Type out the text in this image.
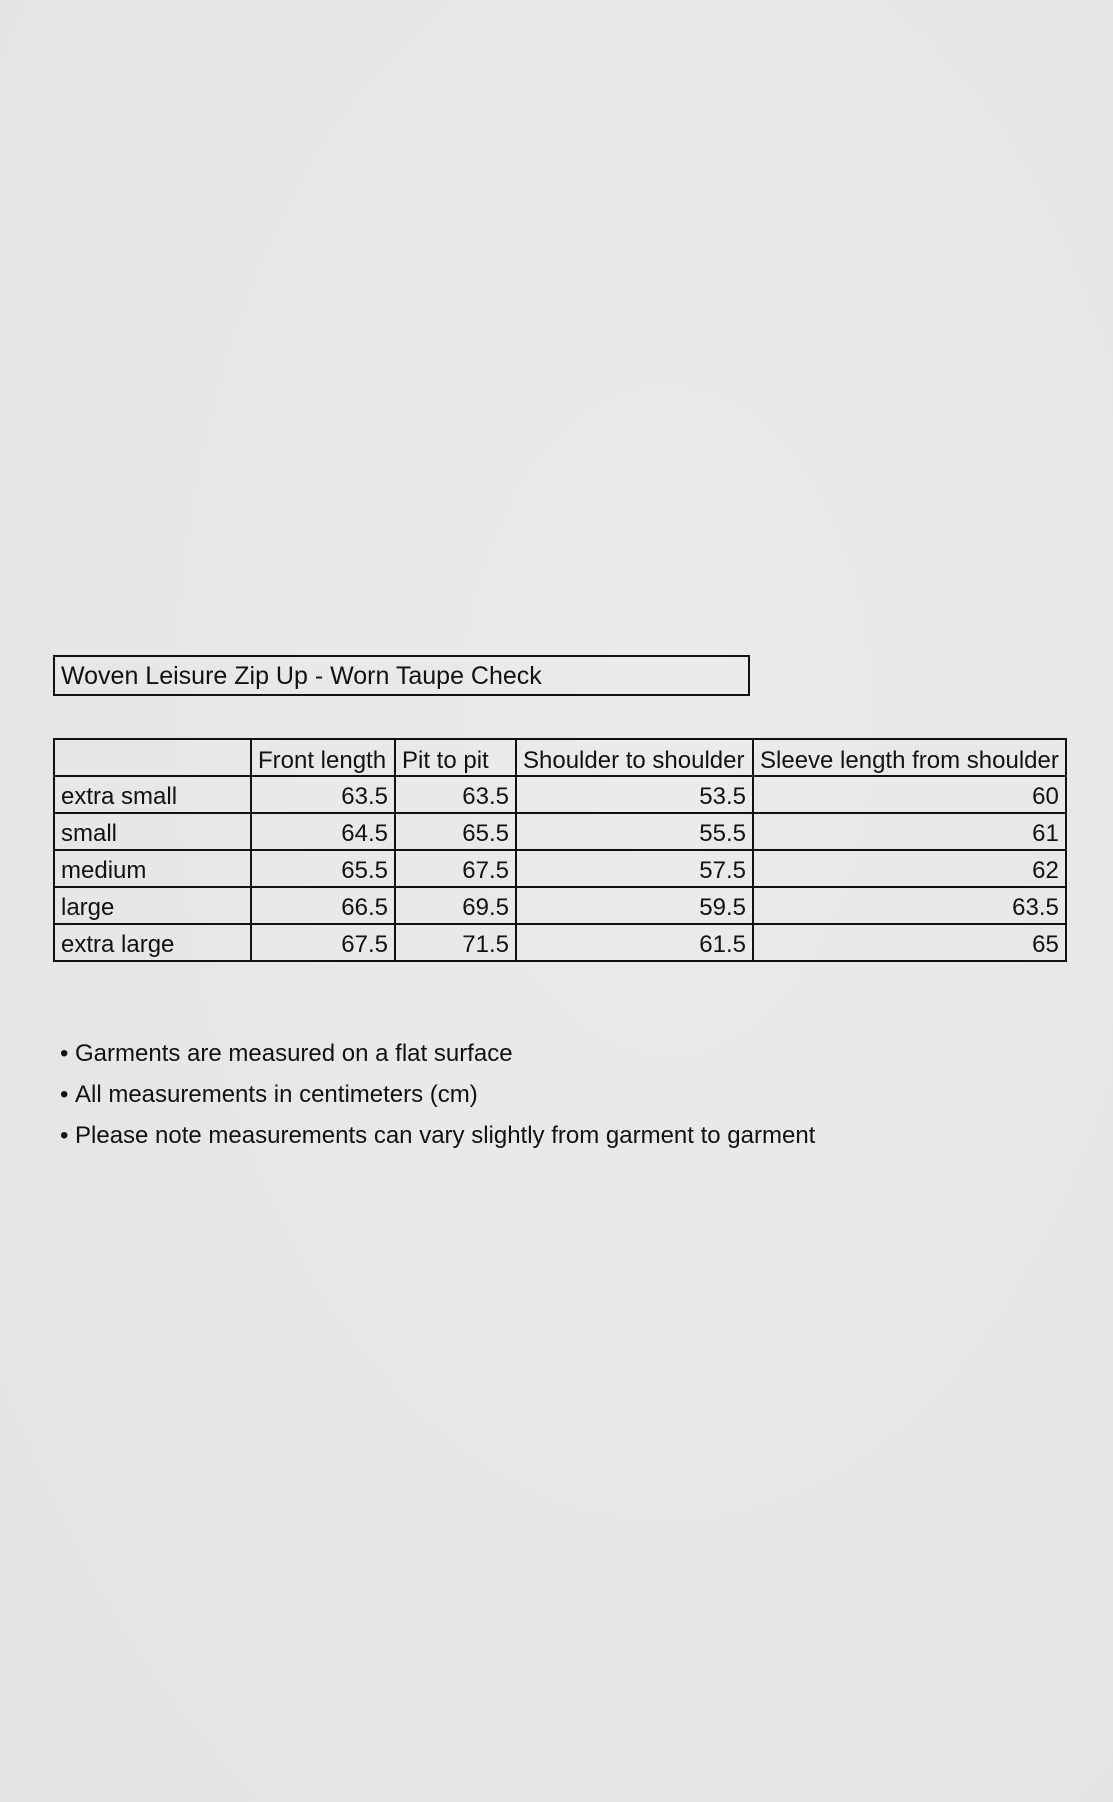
Woven Leisure Zip Up - Worn Taupe Check
	Front length	Pit to pit	Shoulder to shoulder	Sleeve length from shoulder
extra small	63.5	63.5	53.5	60
small	64.5	65.5	55.5	61
medium	65.5	67.5	57.5	62
large	66.5	69.5	59.5	63.5
extra large	67.5	71.5	61.5	65
• Garments are measured on a flat surface
• All measurements in centimeters (cm)
• Please note measurements can vary slightly from garment to garment
